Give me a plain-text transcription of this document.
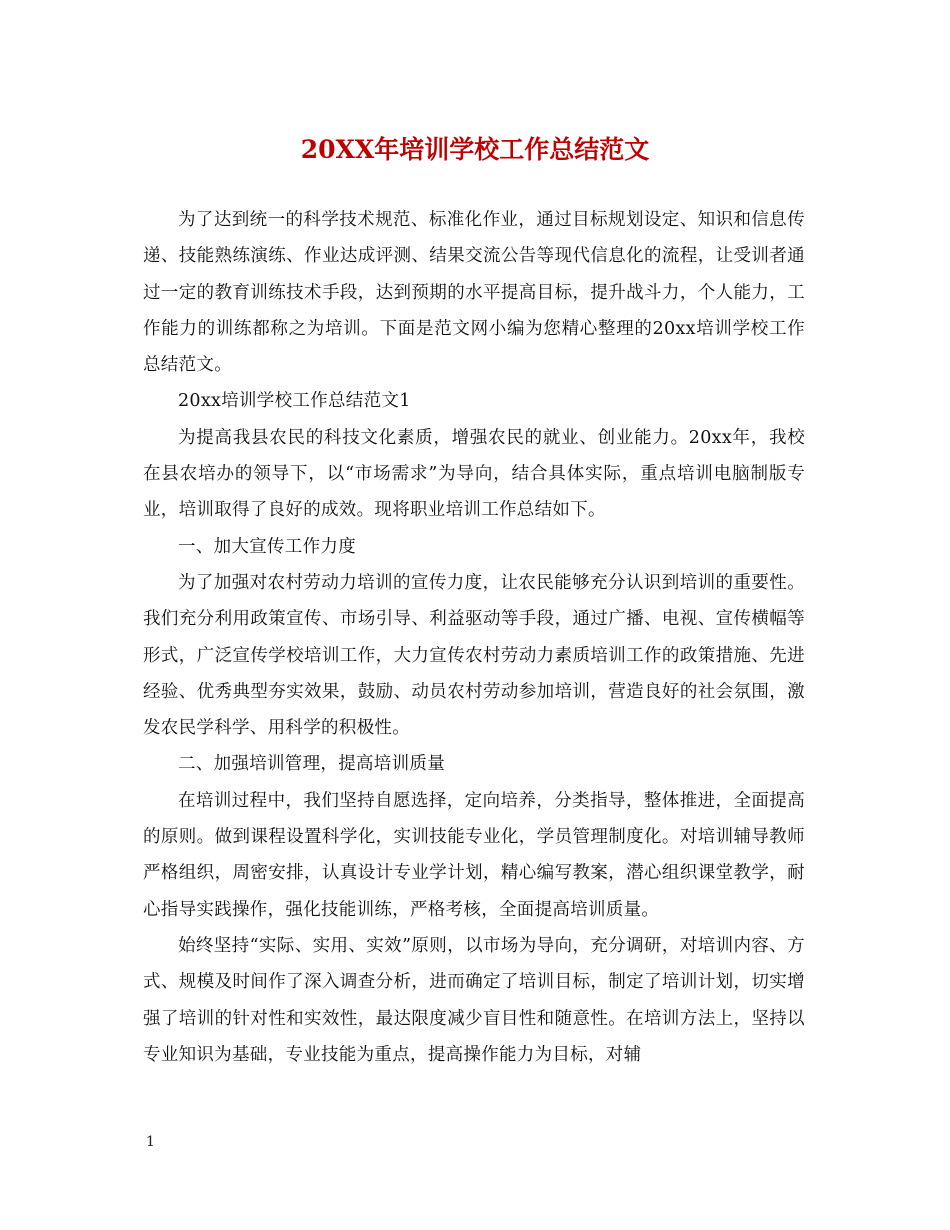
20XX年培训学校工作总结范文

为了达到统一的科学技术规范、标准化作业，通过目标规划设定、知识和信息传递、技能熟练演练、作业达成评测、结果交流公告等现代信息化的流程，让受训者通过一定的教育训练技术手段，达到预期的水平提高目标，提升战斗力，个人能力，工作能力的训练都称之为培训。下面是范文网小编为您精心整理的20xx培训学校工作总结范文。

20xx培训学校工作总结范文1

为提高我县农民的科技文化素质，增强农民的就业、创业能力。20xx年，我校在县农培办的领导下，以“市场需求”为导向，结合具体实际，重点培训电脑制版专业，培训取得了良好的成效。现将职业培训工作总结如下。

一、加大宣传工作力度

为了加强对农村劳动力培训的宣传力度，让农民能够充分认识到培训的重要性。我们充分利用政策宣传、市场引导、利益驱动等手段，通过广播、电视、宣传横幅等形式，广泛宣传学校培训工作，大力宣传农村劳动力素质培训工作的政策措施、先进经验、优秀典型夯实效果，鼓励、动员农村劳动参加培训，营造良好的社会氛围，激发农民学科学、用科学的积极性。

二、加强培训管理，提高培训质量

在培训过程中，我们坚持自愿选择，定向培养，分类指导，整体推进，全面提高的原则。做到课程设置科学化，实训技能专业化，学员管理制度化。对培训辅导教师严格组织，周密安排，认真设计专业学计划，精心编写教案，潜心组织课堂教学，耐心指导实践操作，强化技能训练，严格考核，全面提高培训质量。

始终坚持“实际、实用、实效”原则，以市场为导向，充分调研，对培训内容、方式、规模及时间作了深入调查分析，进而确定了培训目标，制定了培训计划，切实增强了培训的针对性和实效性，最达限度减少盲目性和随意性。在培训方法上，坚持以专业知识为基础，专业技能为重点，提高操作能力为目标，对辅

1
